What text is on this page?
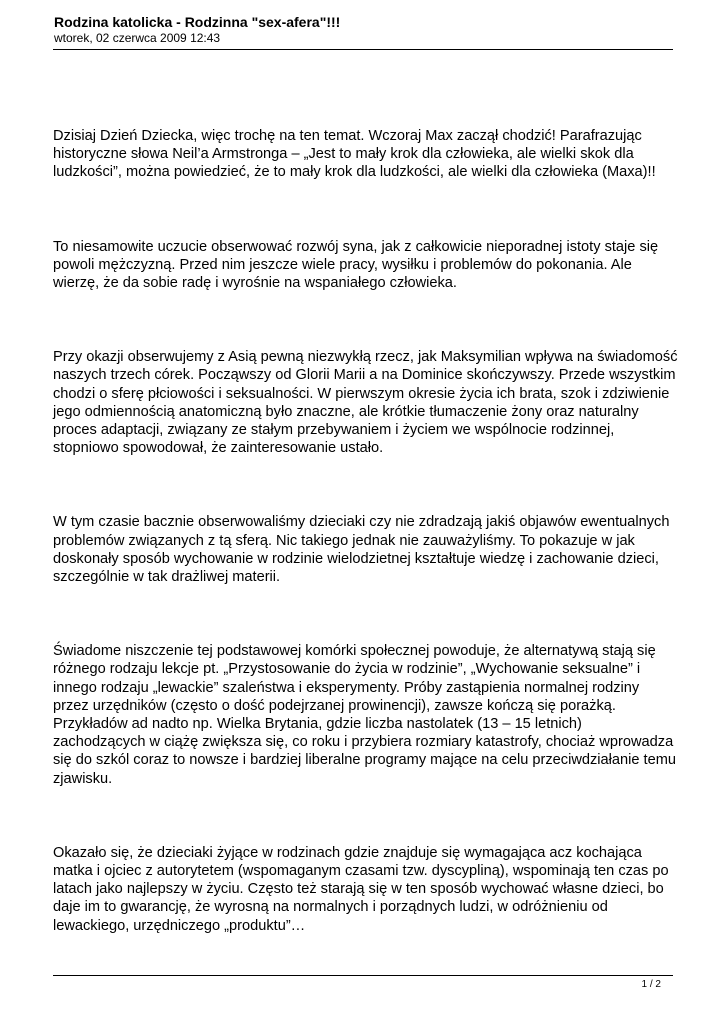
Rodzina katolicka - Rodzinna "sex-afera"!!!

wtorek, 02 czerwca 2009 12:43

Dzisiaj Dzień Dziecka, więc trochę na ten temat. Wczoraj Max zaczął chodzić! Parafrazując historyczne słowa Neil’a Armstronga – „Jest to mały krok dla człowieka, ale wielki skok dla ludzkości”, można powiedzieć, że to mały krok dla ludzkości, ale wielki dla człowieka (Maxa)!!

To niesamowite uczucie obserwować rozwój syna, jak z całkowicie nieporadnej istoty staje się powoli mężczyzną. Przed nim jeszcze wiele pracy, wysiłku i problemów do pokonania. Ale wierzę, że da sobie radę i wyrośnie na wspaniałego człowieka.

Przy okazji obserwujemy z Asią pewną niezwykłą rzecz, jak Maksymilian wpływa na świadomość naszych trzech córek. Począwszy od Glorii Marii a na Dominice skończywszy. Przede wszystkim chodzi o sferę płciowości i seksualności. W pierwszym okresie życia ich brata, szok i zdziwienie jego odmiennością anatomiczną było znaczne, ale krótkie tłumaczenie żony oraz naturalny proces adaptacji, związany ze stałym przebywaniem i życiem we wspólnocie rodzinnej, stopniowo spowodował, że zainteresowanie ustało.

W tym czasie bacznie obserwowaliśmy dzieciaki czy nie zdradzają jakiś objawów ewentualnych problemów związanych z tą sferą. Nic takiego jednak nie zauważyliśmy. To pokazuje w jak doskonały sposób wychowanie w rodzinie wielodzietnej kształtuje wiedzę i zachowanie dzieci, szczególnie w tak drażliwej materii.

Świadome niszczenie tej podstawowej komórki społecznej powoduje, że alternatywą stają się różnego rodzaju lekcje pt. „Przystosowanie do życia w rodzinie”, „Wychowanie seksualne” i innego rodzaju „lewackie” szaleństwa i eksperymenty. Próby zastąpienia normalnej rodziny przez urzędników (często o dość podejrzanej prowinencji), zawsze kończą się porażką. Przykładów ad nadto np. Wielka Brytania, gdzie liczba nastolatek (13 – 15 letnich) zachodzących w ciążę zwiększa się, co roku i przybiera rozmiary katastrofy, chociaż wprowadza się do szkól coraz to nowsze i bardziej liberalne programy mające na celu przeciwdziałanie temu zjawisku.

Okazało się, że dzieciaki żyjące w rodzinach gdzie znajduje się wymagająca acz kochająca matka i ojciec z autorytetem (wspomaganym czasami tzw. dyscypliną), wspominają ten czas po latach jako najlepszy w życiu. Często też starają się w ten sposób wychować własne dzieci, bo daje im to gwarancję, że wyrosną na normalnych i porządnych ludzi, w odróżnieniu od lewackiego, urzędniczego „produktu”…

1 / 2
